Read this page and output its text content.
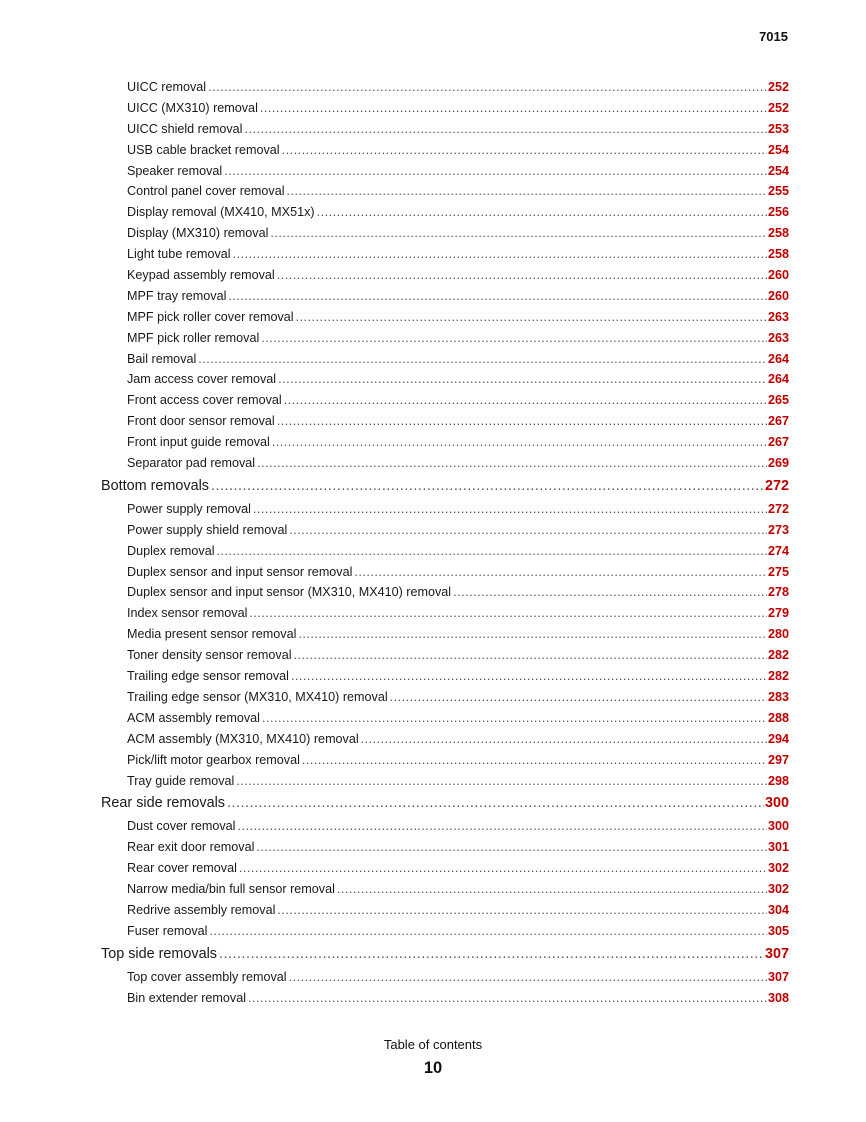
7015
UICC removal .....	252
UICC (MX310) removal .....	252
UICC shield removal .....	253
USB cable bracket removal .....	254
Speaker removal .....	254
Control panel cover removal .....	255
Display removal (MX410, MX51x) .....	256
Display (MX310) removal .....	258
Light tube removal .....	258
Keypad assembly removal .....	260
MPF tray removal .....	260
MPF pick roller cover removal .....	263
MPF pick roller removal .....	263
Bail removal .....	264
Jam access cover removal .....	264
Front access cover removal .....	265
Front door sensor removal .....	267
Front input guide removal .....	267
Separator pad removal .....	269
Bottom removals .....	272
Power supply removal .....	272
Power supply shield removal .....	273
Duplex removal .....	274
Duplex sensor and input sensor removal .....	275
Duplex sensor and input sensor (MX310, MX410) removal .....	278
Index sensor removal .....	279
Media present sensor removal .....	280
Toner density sensor removal .....	282
Trailing edge sensor removal .....	282
Trailing edge sensor (MX310, MX410) removal .....	283
ACM assembly removal .....	288
ACM assembly (MX310, MX410) removal .....	294
Pick/lift motor gearbox removal .....	297
Tray guide removal .....	298
Rear side removals .....	300
Dust cover removal .....	300
Rear exit door removal .....	301
Rear cover removal .....	302
Narrow media/bin full sensor removal .....	302
Redrive assembly removal .....	304
Fuser removal .....	305
Top side removals .....	307
Top cover assembly removal .....	307
Bin extender removal .....	308
Table of contents
10
